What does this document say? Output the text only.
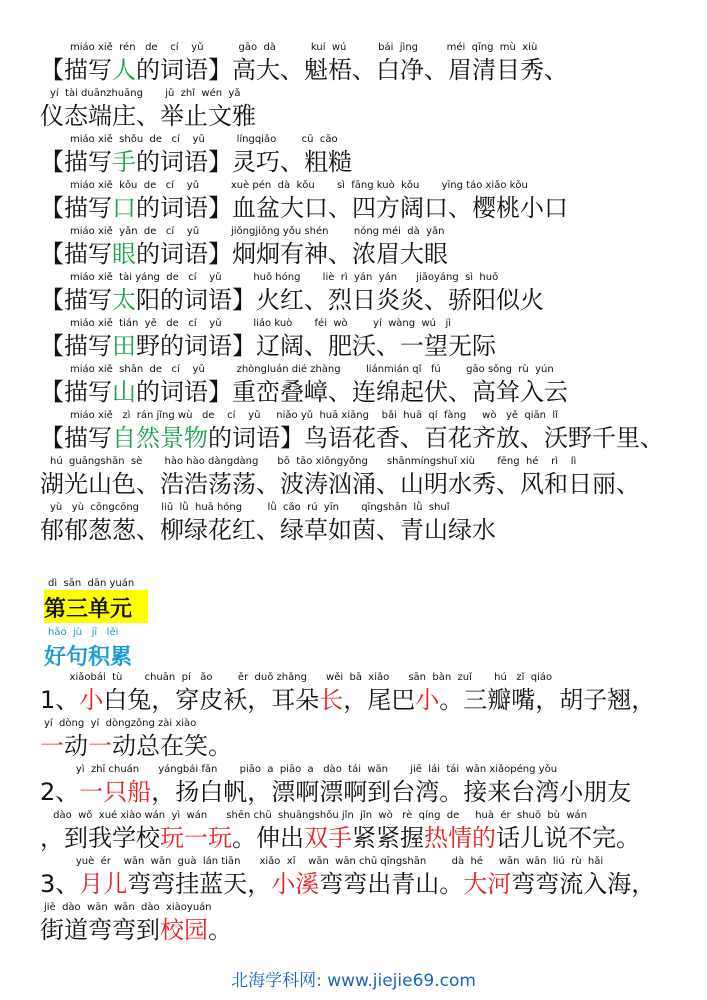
miáo xiě  rén   de    cí    yǔ           gāo  dà           kuí  wú          bái  jìng         méi  qīng  mù  xiù
【描写人的词语】高大、魁梧、白净、眉清目秀、
yí  tài duānzhuāng       jǔ  zhǐ  wén  yǎ
仪态端庄、举止文雅
miáo xiě  shǒu  de   cí    yǔ          língqiǎo        cū  cāo
【描写手的词语】灵巧、粗糙
miáo xiě  kǒu  de   cí    yǔ          xuè pén  dà  kǒu       sì  fāng kuò  kǒu       yīng táo xiǎo kǒu
【描写口的词语】血盆大口、四方阔口、樱桃小口
miáo xiě  yǎn  de   cí    yǔ          jiǒngjiǒng yǒu shén        nóng méi  dà  yǎn
【描写眼的词语】炯炯有神、浓眉大眼
miáo xiě  tài yáng  de   cí    yǔ          huǒ hóng       liè  rì  yán  yán      jiāoyáng  sì  huǒ
【描写太阳的词语】火红、烈日炎炎、骄阳似火
miáo xiě  tián  yě   de   cí    yǔ          liáo kuò       féi  wò        yí  wàng  wú   jì
【描写田野的词语】辽阔、肥沃、一望无际
miáo xiě  shān  de   cí    yǔ          zhòngluán dié zhàng        liánmián qǐ   fú        gāo sǒng  rù  yún
【描写山的词语】重峦叠嶂、连绵起伏、高耸入云
miáo xiě   zì  rán jǐng wù   de    cí    yǔ     niǎo yǔ  huā xiāng    bǎi  huā  qí  fàng     wò   yě  qiān  lǐ
【描写自然景物的词语】鸟语花香、百花齐放、沃野千里、
hú  guāngshān  sè       hào hào dàngdàng      bō  tāo xiōngyǒng      shānmíngshuǐ xiù       fēng  hé    rì    lì
湖光山色、浩浩荡荡、波涛汹涌、山明水秀、风和日丽、
yù   yù  cōngcōng       liǔ  lǜ  huā hóng        lǜ  cǎo  rú  yīn       qīngshān  lǜ  shuǐ
郁郁葱葱、柳绿花红、绿草如茵、青山绿水
dì  sān  dān yuán
第三单元
hǎo  jù   jī   lěi
好句积累
xiǎobái  tù       chuān  pí   ǎo        ěr  duǒ zhǎng      wěi  bā  xiǎo      sān  bàn  zuǐ       hú   zǐ  qiáo
1、小白兔，穿皮袄，耳朵长，尾巴小。三瓣嘴，胡子翘，
yí  dòng  yí  dòngzǒng zài xiào
一动一动总在笑。
yì  zhī chuán      yángbái fān       piāo  a  piāo  a   dào  tái  wān       jiē  lái  tái  wān xiǎopéng yǒu
2、一只船，扬白帆，漂啊漂啊到台湾。接来台湾小朋友
dào  wǒ  xué xiào wán  yì  wán      shēn chū  shuāngshǒu jǐn  jǐn  wò   rè  qíng  de     huà  ér  shuō  bù  wán
，到我学校玩一玩。伸出双手紧紧握热情的话儿说不完。
yuè  ér    wān  wān  guà  lán tiān      xiǎo  xī    wān  wān chū qīngshān        dà  hé     wān  wān  liú  rù  hǎi
3、月儿弯弯挂蓝天，小溪弯弯出青山。大河弯弯流入海，
jiē  dào  wān  wān  dào  xiàoyuán
街道弯弯到校园。
北海学科网: www.jiejie69.com
